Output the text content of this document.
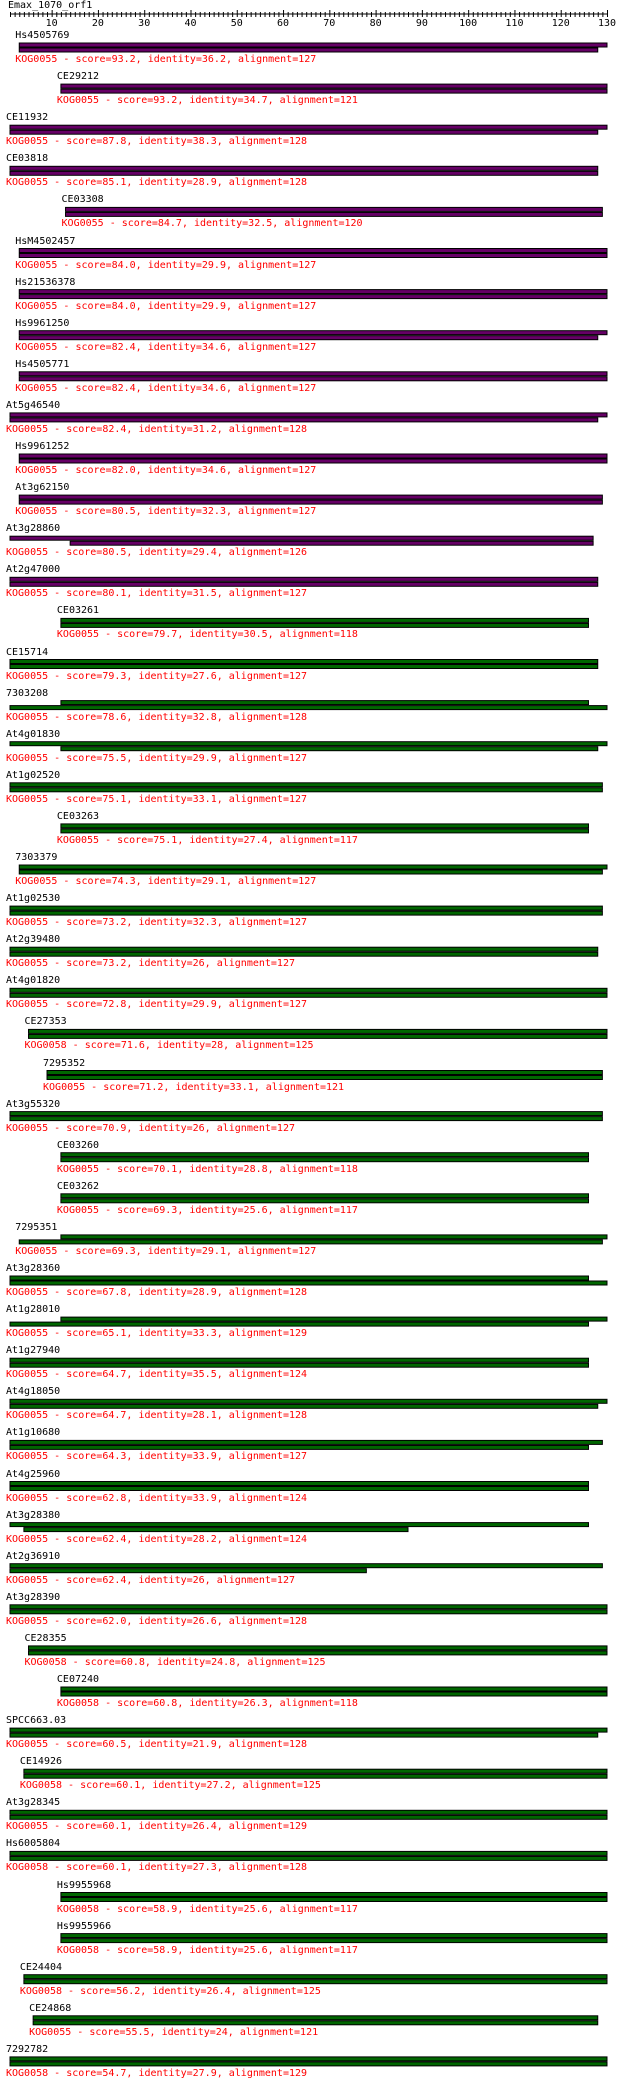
Emax_1070_orf1
Hs4505769
KOG0055 - score=93.2, identity=36.2, alignment=127
CE29212
KOG0055 - score=93.2, identity=34.7, alignment=121
CE11932
KOG0055 - score=87.8, identity=38.3, alignment=128
CE03818
KOG0055 - score=85.1, identity=28.9, alignment=128
CE03308
KOG0055 - score=84.7, identity=32.5, alignment=120
HsM4502457
KOG0055 - score=84.0, identity=29.9, alignment=127
Hs21536378
KOG0055 - score=84.0, identity=29.9, alignment=127
Hs9961250
KOG0055 - score=82.4, identity=34.6, alignment=127
Hs4505771
KOG0055 - score=82.4, identity=34.6, alignment=127
At5g46540
KOG0055 - score=82.4, identity=31.2, alignment=128
Hs9961252
KOG0055 - score=82.0, identity=34.6, alignment=127
At3g62150
KOG0055 - score=80.5, identity=32.3, alignment=127
At3g28860
KOG0055 - score=80.5, identity=29.4, alignment=126
At2g47000
KOG0055 - score=80.1, identity=31.5, alignment=127
CE03261
KOG0055 - score=79.7, identity=30.5, alignment=118
CE15714
KOG0055 - score=79.3, identity=27.6, alignment=127
7303208
KOG0055 - score=78.6, identity=32.8, alignment=128
At4g01830
KOG0055 - score=75.5, identity=29.9, alignment=127
At1g02520
KOG0055 - score=75.1, identity=33.1, alignment=127
CE03263
KOG0055 - score=75.1, identity=27.4, alignment=117
7303379
KOG0055 - score=74.3, identity=29.1, alignment=127
At1g02530
KOG0055 - score=73.2, identity=32.3, alignment=127
At2g39480
KOG0055 - score=73.2, identity=26, alignment=127
At4g01820
KOG0055 - score=72.8, identity=29.9, alignment=127
CE27353
KOG0058 - score=71.6, identity=28, alignment=125
7295352
KOG0055 - score=71.2, identity=33.1, alignment=121
At3g55320
KOG0055 - score=70.9, identity=26, alignment=127
CE03260
KOG0055 - score=70.1, identity=28.8, alignment=118
CE03262
KOG0055 - score=69.3, identity=25.6, alignment=117
7295351
KOG0055 - score=69.3, identity=29.1, alignment=127
At3g28360
KOG0055 - score=67.8, identity=28.9, alignment=128
At1g28010
KOG0055 - score=65.1, identity=33.3, alignment=129
At1g27940
KOG0055 - score=64.7, identity=35.5, alignment=124
At4g18050
KOG0055 - score=64.7, identity=28.1, alignment=128
At1g10680
KOG0055 - score=64.3, identity=33.9, alignment=127
At4g25960
KOG0055 - score=62.8, identity=33.9, alignment=124
At3g28380
KOG0055 - score=62.4, identity=28.2, alignment=124
At2g36910
KOG0055 - score=62.4, identity=26, alignment=127
At3g28390
KOG0055 - score=62.0, identity=26.6, alignment=128
CE28355
KOG0058 - score=60.8, identity=24.8, alignment=125
CE07240
KOG0058 - score=60.8, identity=26.3, alignment=118
SPCC663.03
KOG0055 - score=60.5, identity=21.9, alignment=128
CE14926
KOG0058 - score=60.1, identity=27.2, alignment=125
At3g28345
KOG0055 - score=60.1, identity=26.4, alignment=129
Hs6005804
KOG0058 - score=60.1, identity=27.3, alignment=128
Hs9955968
KOG0058 - score=58.9, identity=25.6, alignment=117
Hs9955966
KOG0058 - score=58.9, identity=25.6, alignment=117
CE24404
KOG0058 - score=56.2, identity=26.4, alignment=125
CE24868
KOG0055 - score=55.5, identity=24, alignment=121
7292782
KOG0058 - score=54.7, identity=27.9, alignment=129
10	20	30	40	50	60	70	80	90	100	110	120	130
